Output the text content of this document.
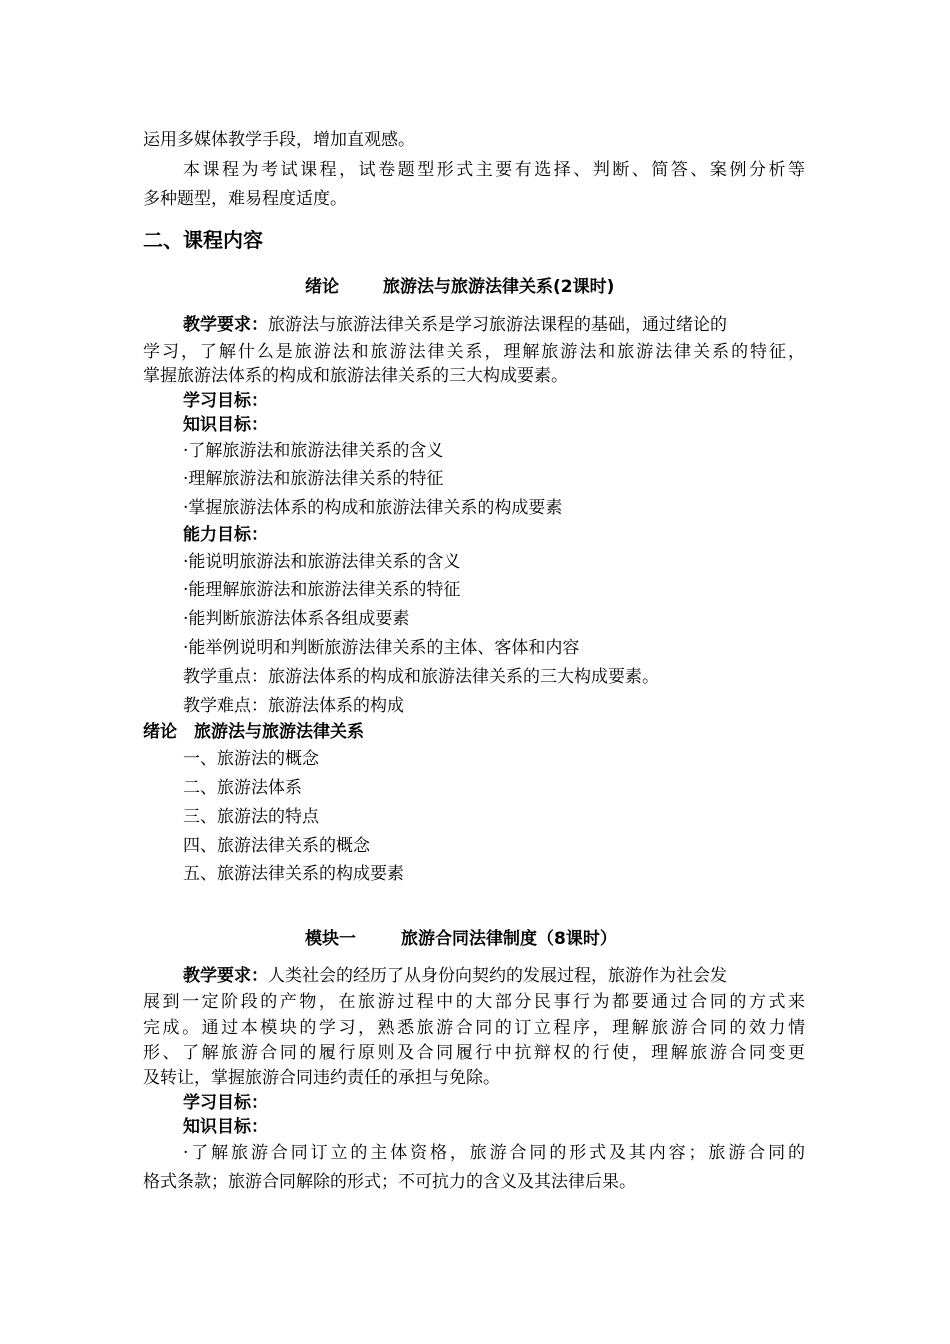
运用多媒体教学手段，增加直观感。
本课程为考试课程，试卷题型形式主要有选择、判断、简答、案例分析等
多种题型，难易程度适度。
二、课程内容
绪论	旅游法与旅游法律关系(2课时)
教学要求：旅游法与旅游法律关系是学习旅游法课程的基础，通过绪论的
学习，了解什么是旅游法和旅游法律关系，理解旅游法和旅游法律关系的特征，
掌握旅游法体系的构成和旅游法律关系的三大构成要素。
学习目标：
知识目标：
·了解旅游法和旅游法律关系的含义
·理解旅游法和旅游法律关系的特征
·掌握旅游法体系的构成和旅游法律关系的构成要素
能力目标：
·能说明旅游法和旅游法律关系的含义
·能理解旅游法和旅游法律关系的特征
·能判断旅游法体系各组成要素
·能举例说明和判断旅游法律关系的主体、客体和内容
教学重点：旅游法体系的构成和旅游法律关系的三大构成要素。
教学难点：旅游法体系的构成
绪论　旅游法与旅游法律关系
一、旅游法的概念
二、旅游法体系
三、旅游法的特点
四、旅游法律关系的概念
五、旅游法律关系的构成要素
模块一	旅游合同法律制度（8课时）
教学要求：人类社会的经历了从身份向契约的发展过程，旅游作为社会发
展到一定阶段的产物，在旅游过程中的大部分民事行为都要通过合同的方式来
完成。通过本模块的学习，熟悉旅游合同的订立程序，理解旅游合同的效力情
形、了解旅游合同的履行原则及合同履行中抗辩权的行使，理解旅游合同变更
及转让，掌握旅游合同违约责任的承担与免除。
学习目标：
知识目标：
·了解旅游合同订立的主体资格，旅游合同的形式及其内容；旅游合同的
格式条款；旅游合同解除的形式；不可抗力的含义及其法律后果。
